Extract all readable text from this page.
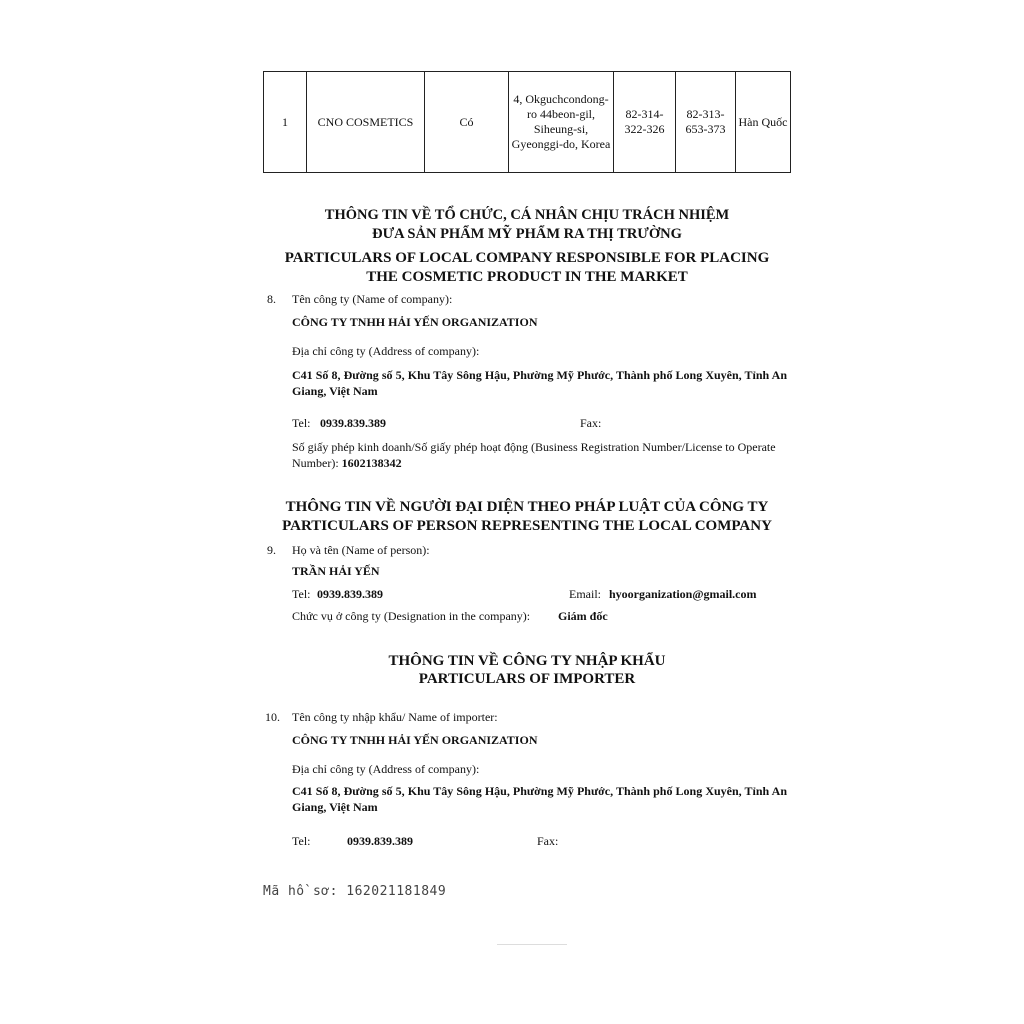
1	CNO COSMETICS	Có	4, Okguchcondong-ro 44beon-gil, Siheung-si, Gyeonggi-do, Korea	82-314-322-326	82-313-653-373	Hàn Quốc
THÔNG TIN VỀ TỔ CHỨC, CÁ NHÂN CHỊU TRÁCH NHIỆM
ĐƯA SẢN PHẨM MỸ PHẨM RA THỊ TRƯỜNG
PARTICULARS OF LOCAL COMPANY RESPONSIBLE FOR PLACING
THE COSMETIC PRODUCT IN THE MARKET
8. Tên công ty (Name of company):
CÔNG TY TNHH HẢI YẾN ORGANIZATION
Địa chỉ công ty (Address of company):
C41 Số 8, Đường số 5, Khu Tây Sông Hậu, Phường Mỹ Phước, Thành phố Long Xuyên, Tỉnh An Giang, Việt Nam
Tel: 0939.839.389	Fax:
Số giấy phép kinh doanh/Số giấy phép hoạt động (Business Registration Number/License to Operate Number): 1602138342
THÔNG TIN VỀ NGƯỜI ĐẠI DIỆN THEO PHÁP LUẬT CỦA CÔNG TY
PARTICULARS OF PERSON REPRESENTING THE LOCAL COMPANY
9. Họ và tên (Name of person):
TRẦN HẢI YẾN
Tel: 0939.839.389	Email: hyoorganization@gmail.com
Chức vụ ở công ty (Designation in the company): Giám đốc
THÔNG TIN VỀ CÔNG TY NHẬP KHẨU
PARTICULARS OF IMPORTER
10. Tên công ty nhập khẩu/ Name of importer:
CÔNG TY TNHH HẢI YẾN ORGANIZATION
Địa chỉ công ty (Address of company):
C41 Số 8, Đường số 5, Khu Tây Sông Hậu, Phường Mỹ Phước, Thành phố Long Xuyên, Tỉnh An Giang, Việt Nam
Tel:	0939.839.389	Fax:
Mã hồ sơ: 162021181849
